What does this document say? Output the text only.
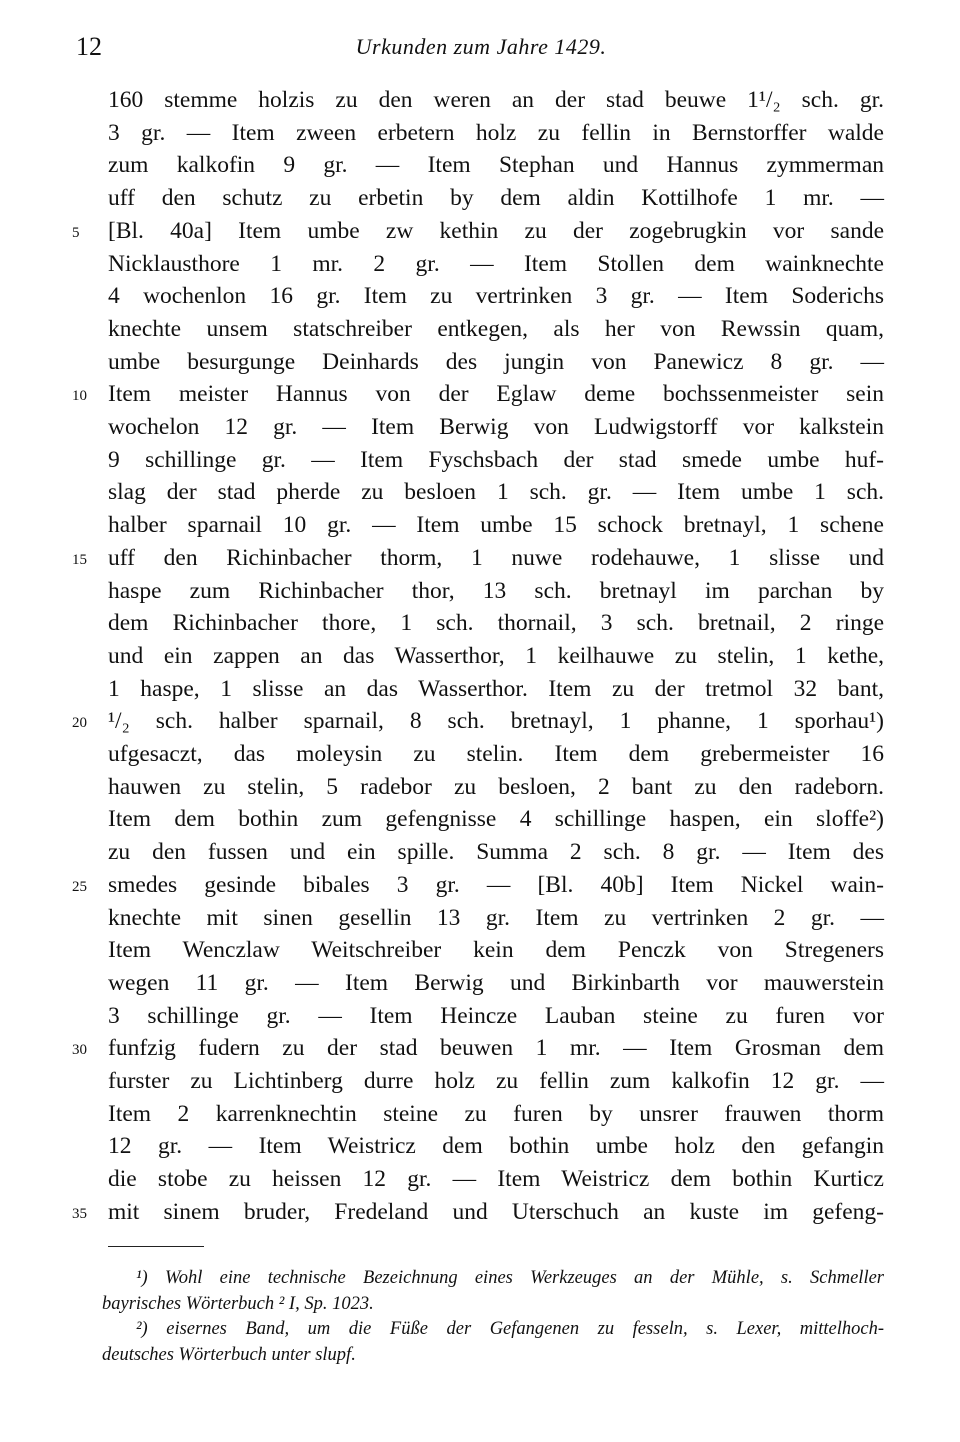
12	Urkunden zum Jahre 1429.
160 stemme holzis zu den weren an der stad beuwe 1¹/₂ sch. gr.
3 gr. — Item zween erbetern holz zu fellin in Bernstorffer walde
zum kalkofin 9 gr. — Item Stephan und Hannus zymmerman
uff den schutz zu erbetin by dem aldin Kottilhofe 1 mr. —
[Bl. 40a] Item umbe zw kethin zu der zogebrugkin vor sande
5
Nicklausthore 1 mr. 2 gr. — Item Stollen dem wainknechte
4 wochenlon 16 gr. Item zu vertrinken 3 gr. — Item Soderichs
knechte unsem statschreiber entkegen, als her von Rewssin quam,
umbe besurgunge Deinhards des jungin von Panewicz 8 gr. —
Item meister Hannus von der Eglaw deme bochssenmeister sein
10
wochelon 12 gr. — Item Berwig von Ludwigstorff vor kalkstein
9 schillinge gr. — Item Fyschsbach der stad smede umbe huf-
slag der stad pherde zu besloen 1 sch. gr. — Item umbe 1 sch.
halber sparnail 10 gr. — Item umbe 15 schock bretnayl, 1 schene
uff den Richinbacher thorm, 1 nuwe rodehauwe, 1 slisse und
15
haspe zum Richinbacher thor, 13 sch. bretnayl im parchan by
dem Richinbacher thore, 1 sch. thornail, 3 sch. bretnail, 2 ringe
und ein zappen an das Wasserthor, 1 keilhauwe zu stelin, 1 kethe,
1 haspe, 1 slisse an das Wasserthor. Item zu der tretmol 32 bant,
¹/₂ sch. halber sparnail, 8 sch. bretnayl, 1 phanne, 1 sporhau¹)
20
ufgesaczt, das moleysin zu stelin. Item dem grebermeister 16
hauwen zu stelin, 5 radebor zu besloen, 2 bant zu den radeborn.
Item dem bothin zum gefengnisse 4 schillinge haspen, ein sloffe²)
zu den fussen und ein spille. Summa 2 sch. 8 gr. — Item des
smedes gesinde bibales 3 gr. — [Bl. 40b] Item Nickel wain-
25
knechte mit sinen gesellin 13 gr. Item zu vertrinken 2 gr. —
Item Wenczlaw Weitschreiber kein dem Penczk von Stregeners
wegen 11 gr. — Item Berwig und Birkinbarth vor mauwerstein
3 schillinge gr. — Item Heincze Lauban steine zu furen vor
funfzig fudern zu der stad beuwen 1 mr. — Item Grosman dem
30
furster zu Lichtinberg durre holz zu fellin zum kalkofin 12 gr. —
Item 2 karrenknechtin steine zu furen by unsrer frauwen thorm
12 gr. — Item Weistricz dem bothin umbe holz den gefangin
die stobe zu heissen 12 gr. — Item Weistricz dem bothin Kurticz
mit sinem bruder, Fredeland und Uterschuch an kuste im gefeng-
35
¹) Wohl eine technische Bezeichnung eines Werkzeuges an der Mühle, s. Schmeller
bayrisches Wörterbuch ² I, Sp. 1023.
²) eisernes Band, um die Füße der Gefangenen zu fesseln, s. Lexer, mittelhoch-
deutsches Wörterbuch unter slupf.
